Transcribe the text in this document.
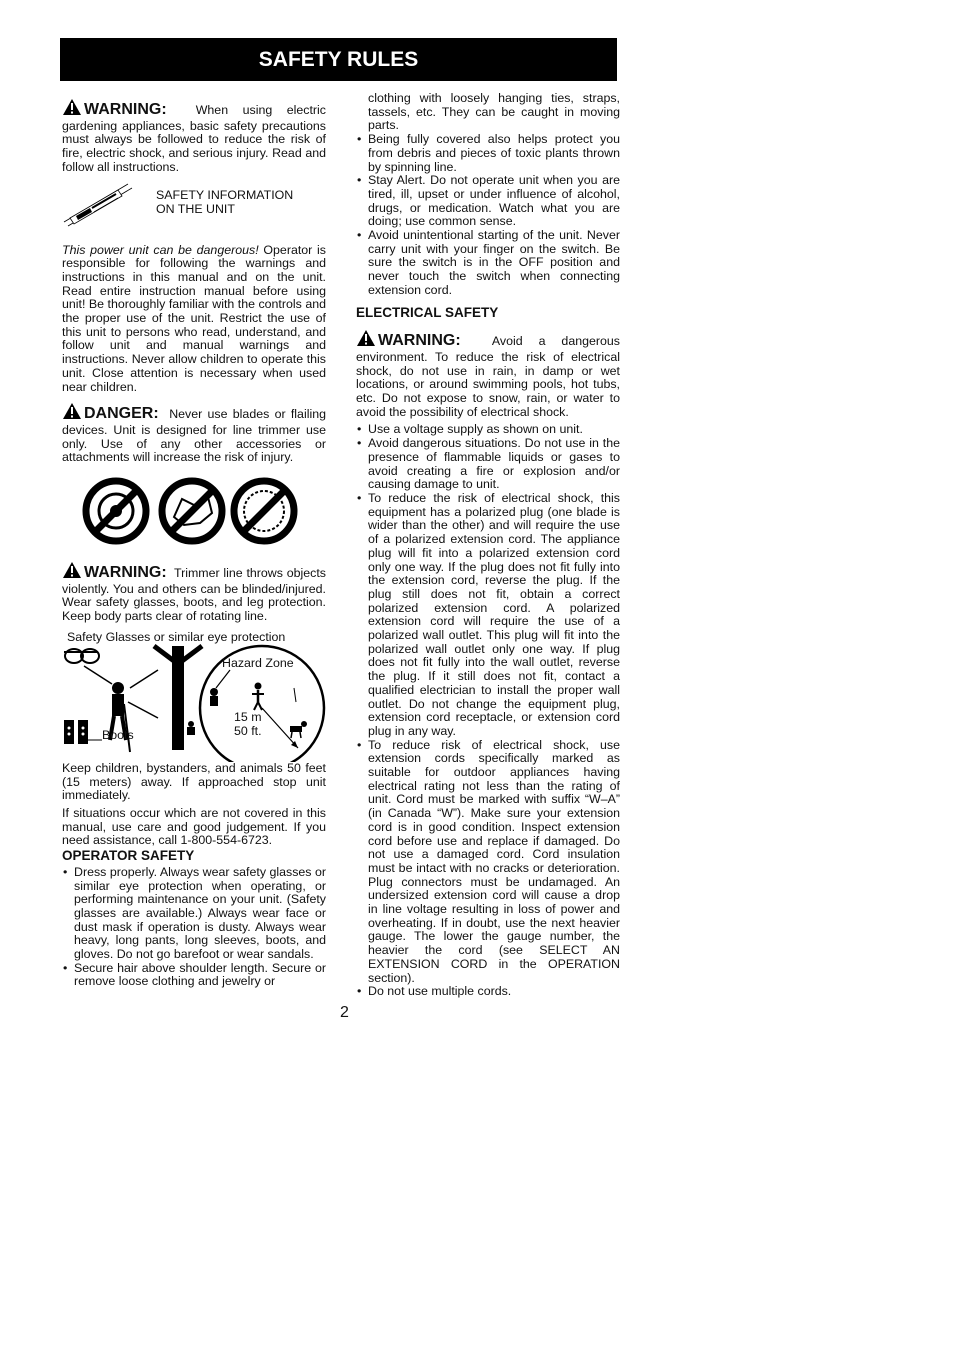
SAFETY RULES

WARNING: When using electric gardening appliances, basic safety precautions must always be followed to reduce the risk of fire, electric shock, and serious injury. Read and follow all instructions.

SAFETY INFORMATION
ON THE UNIT

This power unit can be dangerous! Operator is responsible for following the warnings and instructions in this manual and on the unit. Read entire instruction manual before using unit! Be thoroughly familiar with the controls and the proper use of the unit. Restrict the use of this unit to persons who read, understand, and follow unit and manual warnings and instructions. Never allow children to operate this unit. Close attention is necessary when used near children.

DANGER: Never use blades or flailing devices. Unit is designed for line trimmer use only. Use of any other accessories or attachments will increase the risk of injury.

WARNING: Trimmer line throws objects violently. You and others can be blinded/injured. Wear safety glasses, boots, and leg protection. Keep body parts clear of rotating line.

Safety Glasses or similar eye protection
Hazard Zone
15 m
50 ft.
Boots

Keep children, bystanders, and animals 50 feet (15 meters) away. If approached stop unit immediately.

If situations occur which are not covered in this manual, use care and good judgement. If you need assistance, call 1-800-554-6723.

OPERATOR SAFETY
• Dress properly. Always wear safety glasses or similar eye protection when operating, or performing maintenance on your unit. (Safety glasses are available.) Always wear face or dust mask if operation is dusty. Always wear heavy, long pants, long sleeves, boots, and gloves. Do not go barefoot or wear sandals.
• Secure hair above shoulder length. Secure or remove loose clothing and jewelry or

clothing with loosely hanging ties, straps, tassels, etc. They can be caught in moving parts.

• Being fully covered also helps protect you from debris and pieces of toxic plants thrown by spinning line.
• Stay Alert. Do not operate unit when you are tired, ill, upset or under influence of alcohol, drugs, or medication. Watch what you are doing; use common sense.
• Avoid unintentional starting of the unit. Never carry unit with your finger on the switch. Be sure the switch is in the OFF position and never touch the switch when connecting extension cord.
ELECTRICAL SAFETY

WARNING:	Avoid a dangerous environment. To reduce the risk of electrical shock, do not use in rain, in damp or wet locations, or around swimming pools, hot tubs, etc. Do not expose to snow, rain, or water to avoid the possibility of electrical shock.

• Use a voltage supply as shown on unit.
• Avoid dangerous situations. Do not use in the presence of flammable liquids or gases to avoid creating a fire or explosion and/or causing damage to unit.
• To reduce the risk of electrical shock, this equipment has a polarized plug (one blade is wider than the other) and will require the use of a polarized extension cord. The appliance plug will fit into a polarized extension cord only one way. If the plug does not fit fully into the extension cord, reverse the plug. If the plug still does not fit, obtain a correct polarized extension cord. A polarized extension cord will require the use of a polarized wall outlet. This plug will fit into the polarized wall outlet only one way. If plug does not fit fully into the wall outlet, reverse the plug. If it still does not fit, contact a qualified electrician to install the proper wall outlet. Do not change the equipment plug, extension cord receptacle, or extension cord plug in any way.
• To reduce risk of electrical shock, use extension cords specifically marked as suitable for outdoor appliances having electrical rating not less than the rating of unit. Cord must be marked with suffix “W–A” (in Canada “W”). Make sure your extension cord is in good condition. Inspect extension cord before use and replace if damaged. Do not use a damaged cord. Cord insulation must be intact with no cracks or deterioration. Plug connectors must be undamaged. An undersized extension cord will cause a drop in line voltage resulting in loss of power and overheating. If in doubt, use the next heavier gauge. The lower the gauge number, the heavier the cord (see SELECT AN EXTENSION CORD in the OPERATION section).
• Do not use multiple cords.
2
